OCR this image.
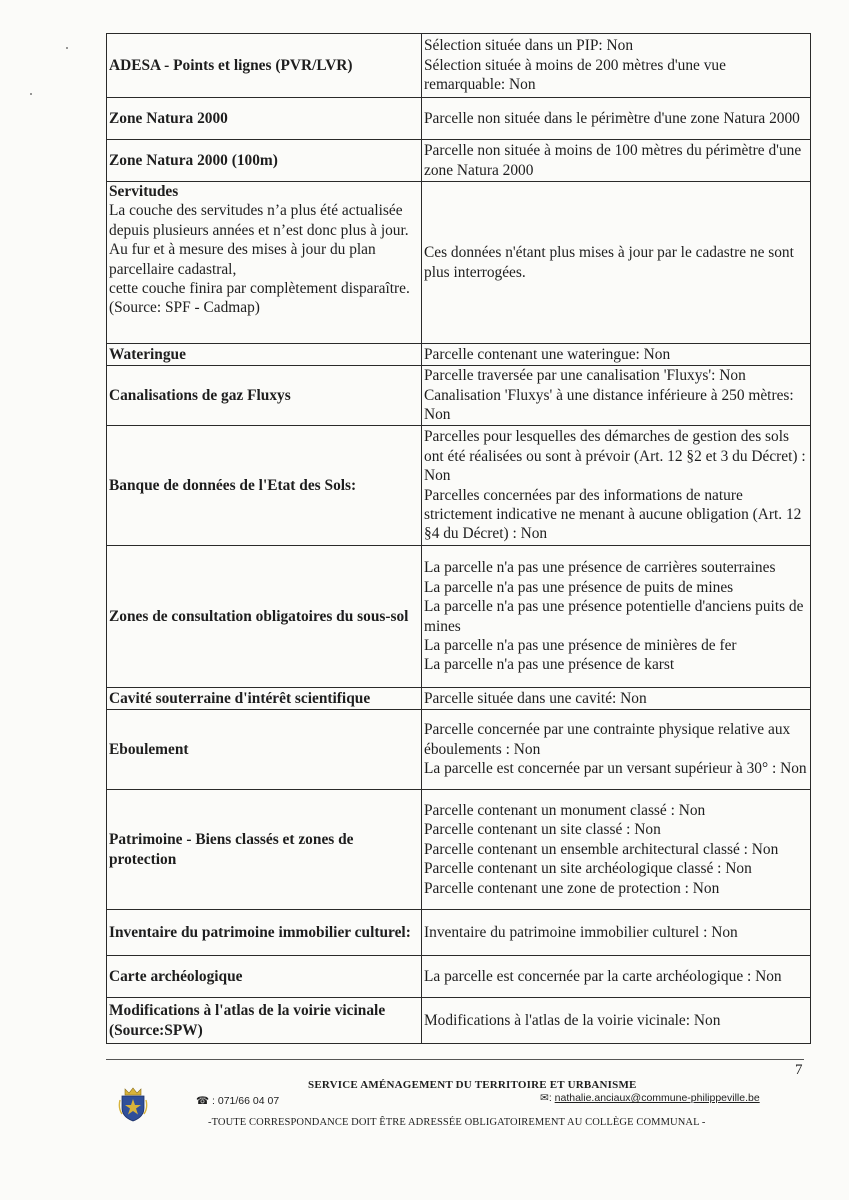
ADESA - Points et lignes (PVR/LVR)	Sélection située dans un PIP: Non
Sélection située à moins de 200 mètres d'une vue remarquable: Non

Zone Natura 2000	Parcelle non située dans le périmètre d'une zone Natura 2000

Zone Natura 2000 (100m)	Parcelle non située à moins de 100 mètres du périmètre d'une zone Natura 2000

Servitudes
La couche des servitudes n’a plus été actualisée depuis plusieurs années et n’est donc plus à jour.
Au fur et à mesure des mises à jour du plan parcellaire cadastral,
cette couche finira par complètement disparaître.(Source: SPF - Cadmap)	Ces données n'étant plus mises à jour par le cadastre ne sont plus interrogées.

Wateringue	Parcelle contenant une wateringue: Non

Canalisations de gaz Fluxys	Parcelle traversée par une canalisation 'Fluxys': Non
Canalisation 'Fluxys' à une distance inférieure à 250 mètres: Non

Banque de données de l'Etat des Sols:	Parcelles pour lesquelles des démarches de gestion des sols ont été réalisées ou sont à prévoir (Art. 12 §2 et 3 du Décret) : Non
Parcelles concernées par des informations de nature strictement indicative ne menant à aucune obligation (Art. 12 §4 du Décret) : Non

Zones de consultation obligatoires du sous-sol	La parcelle n'a pas une présence de carrières souterraines
La parcelle n'a pas une présence de puits de mines
La parcelle n'a pas une présence potentielle d'anciens puits de mines
La parcelle n'a pas une présence de minières de fer
La parcelle n'a pas une présence de karst

Cavité souterraine d'intérêt scientifique	Parcelle située dans une cavité: Non

Eboulement	Parcelle concernée par une contrainte physique relative aux éboulements : Non
La parcelle est concernée par un versant supérieur à 30° : Non

Patrimoine - Biens classés et zones de protection	Parcelle contenant un monument classé : Non
Parcelle contenant un site classé : Non
Parcelle contenant un ensemble architectural classé : Non
Parcelle contenant un site archéologique classé : Non
Parcelle contenant une zone de protection : Non

Inventaire du patrimoine immobilier culturel:	Inventaire du patrimoine immobilier culturel : Non

Carte archéologique	La parcelle est concernée par la carte archéologique : Non

Modifications à l'atlas de la voirie vicinale (Source:SPW)	Modifications à l'atlas de la voirie vicinale: Non
7
SERVICE AMÉNAGEMENT DU TERRITOIRE ET URBANISME
☎ : 071/66 04 07	✉: nathalie.anciaux@commune-philippeville.be
-TOUTE CORRESPONDANCE DOIT ÊTRE ADRESSÉE OBLIGATOIREMENT AU COLLÈGE COMMUNAL -
